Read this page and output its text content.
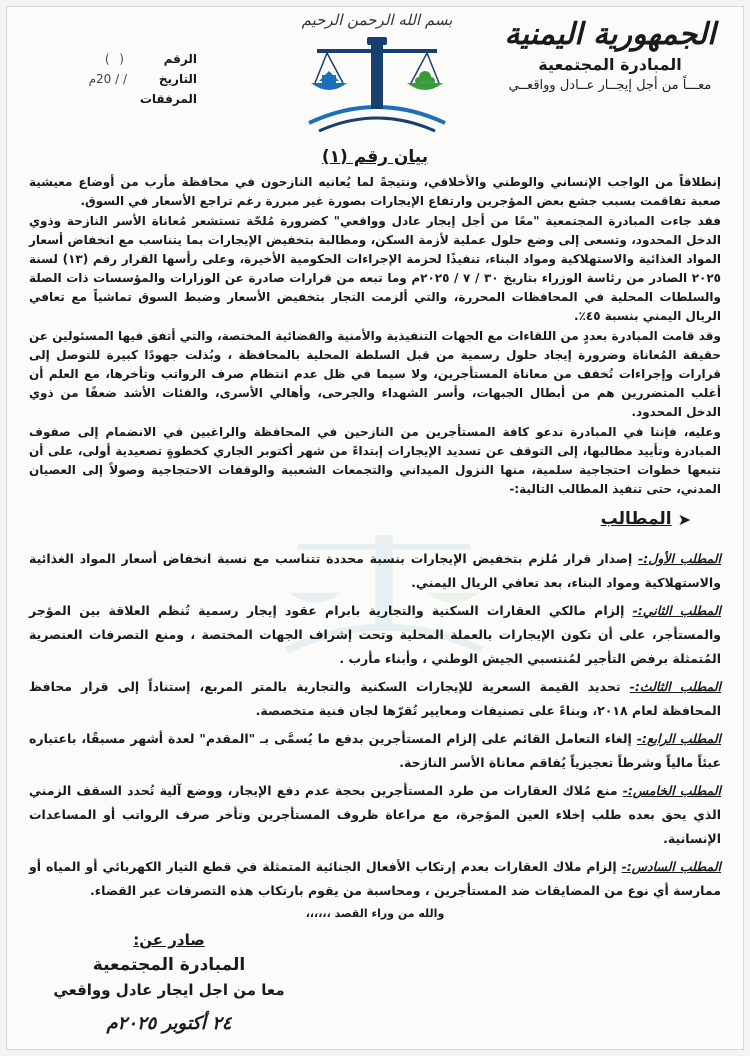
الجمهورية اليمنية
المبادرة المجتمعية
معـــاً من أجل إيجــار عــادل وواقعــي
بسم الله الرحمن الرحيم
الرقم
( )
التاريخ
/ / 20م
المرفقات
بيان رقم (١)

إنطلاقاً من الواجب الإنساني والوطني والأخلاقي، ونتيجةً لما يُعانيه النازحون في محافظة مأرب من أوضاع معيشية صعبة تفاقمت بسبب جشع بعض المؤجرين وارتفاع الإيجارات بصورة غير مبررة رغم تراجع الأسعار في السوق.

فقد جاءت المبادرة المجتمعية "معًا من أجل إيجار عادل وواقعي" كضرورة مُلحّة تستشعر مُعاناة الأسر النازحة وذوي الدخل المحدود، وتسعى إلى وضع حلول عملية لأزمة السكن، ومطالبة بتخفيض الإيجارات بما يتناسب مع انخفاض أسعار المواد الغذائية والاستهلاكية ومواد البناء، تنفيذًا لحزمة الإجراءات الحكومية الأخيرة، وعلى رأسها القرار رقم (١٣) لسنة ٢٠٢٥ الصادر من رئاسة الوزراء بتاريخ ٣٠ / ٧ / ٢٠٢٥م وما تبعه من قرارات صادرة عن الوزارات والمؤسسات ذات الصلة والسلطات المحلية في المحافظات المحررة، والتي ألزمت التجار بتخفيض الأسعار وضبط السوق تماشياً مع تعافي الريال اليمني بنسبة ٤٥٪.

وقد قامت المبادرة بعددٍ من اللقاءات مع الجهات التنفيذية والأمنية والقضائية المختصة، والتي أتفق فيها المسئولين عن حقيقة المُعاناة وضرورة إيجاد حلول رسمية من قبل السلطة المحلية بالمحافظة ، وبُذلت جهودًا كبيرة للتوصل إلى قرارات وإجراءات تُخفف من معاناة المستأجرين، ولا سيما في ظل عدم انتظام صرف الرواتب وتأخرها، مع العلم أن أغلب المتضررين هم من أبطال الجبهات، وأسر الشهداء والجرحى، وأهالي الأسرى، والفئات الأشد ضعفًا من ذوي الدخل المحدود.

وعليه، فإننا في المبادرة ندعو كافة المستأجرين من النازحين في المحافظة والراغبين في الانضمام إلى صفوف المبادرة وتأييد مطالبها، إلى التوقف عن تسديد الإيجارات إبتداءً من شهر أكتوبر الجاري كخطوةٍ تصعيدية أولى، على أن تتبعها خطوات احتجاجية سلمية، منها النزول الميداني والتجمعات الشعبية والوقفات الاحتجاجية وصولاً إلى العصيان المدني، حتى تنفيذ المطالب التالية:-

➤
المطالب

المطلب الأول:- إصدار قرار مُلزم بتخفيض الإيجارات بنسبة محددة تتناسب مع نسبة انخفاض أسعار المواد الغذائية والاستهلاكية ومواد البناء، بعد تعافي الريال اليمني.

المطلب الثاني:- إلزام مالكي العقارات السكنية والتجارية بابرام عقود إيجار رسمية تُنظم العلاقة بين المؤجر والمستأجر، على أن تكون الإيجارات بالعملة المحلية وتحت إشراف الجهات المختصة ، ومنع التصرفات العنصرية المُتمثلة برفض التأجير لمُنتسبي الجيش الوطني ، وأبناء مأرب .

المطلب الثالث:- تحديد القيمة السعرية للإيجارات السكنية والتجارية بالمتر المربع، إستناداً إلى قرار محافظ المحافظة لعام ٢٠١٨، وبناءً على تصنيفات ومعايير تُقرّها لجان فنية متخصصة.

المطلب الرابع:- إلغاء التعامل القائم على إلزام المستأجرين بدفع ما يُسمَّى بـ "المقدم" لعدة أشهر مسبقًا، باعتباره عبئاً مالياً وشرطاً تعجيزياً يُفاقم معاناة الأسر النازحة.

المطلب الخامس:- منع مُلاك العقارات من طرد المستأجرين بحجة عدم دفع الإيجار، ووضع آلية تُحدد السقف الزمني الذي يحق بعده طلب إخلاء العين المؤجرة، مع مراعاة ظروف المستأجرين وتأخر صرف الرواتب أو المساعدات الإنسانية.

المطلب السادس:- إلزام ملاك العقارات بعدم إرتكاب الأفعال الجنائية المتمثلة في قطع التيار الكهربائي أو المياه أو ممارسة أي نوع من المضايقات ضد المستأجرين ، ومحاسبة من يقوم بارتكاب هذه التصرفات عبر القضاء.

والله من وراء القصد ،،،،،،
صادر عن:
المبادرة المجتمعية
معا من اجل ايجار عادل وواقعي
٢٤ أكتوبر ٢٠٢٥م
